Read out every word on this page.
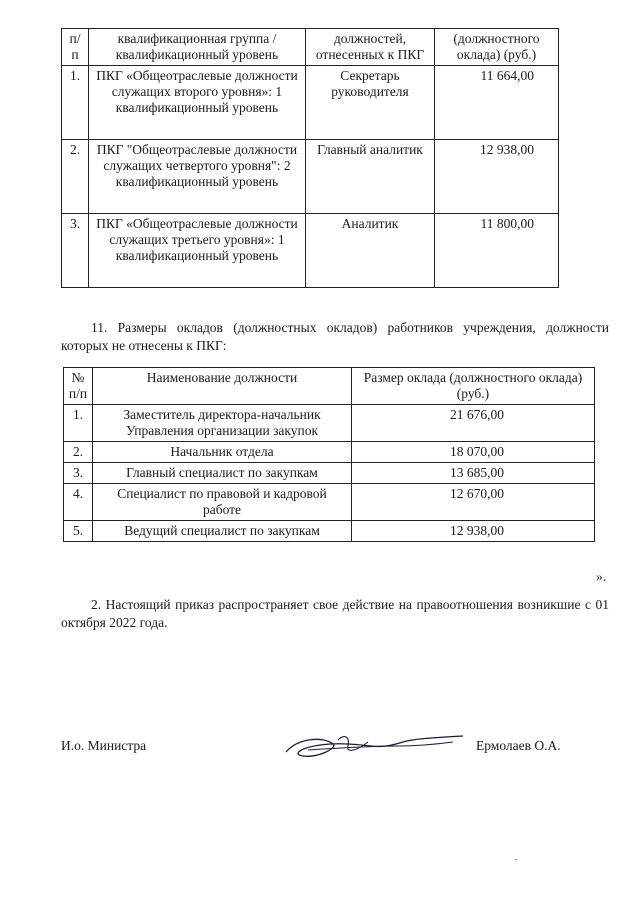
п/п	квалификационная группа / квалификационный уровень	должностей, отнесенных к ПКГ	(должностного оклада) (руб.)
1.	ПКГ «Общеотраслевые должности служащих второго уровня»: 1 квалификационный уровень	Секретарь руководителя	11 664,00
2.	ПКГ "Общеотраслевые должности служащих четвертого уровня": 2 квалификационный уровень	Главный аналитик	12 938,00
3.	ПКГ «Общеотраслевые должности служащих третьего уровня»: 1 квалификационный уровень	Аналитик	11 800,00
11. Размеры окладов (должностных окладов) работников учреждения, должности которых не отнесены к ПКГ:
№ п/п	Наименование должности	Размер оклада (должностного оклада) (руб.)
1.	Заместитель директора-начальник Управления организации закупок	21 676,00
2.	Начальник отдела	18 070,00
3.	Главный специалист по закупкам	13 685,00
4.	Специалист по правовой и кадровой работе	12 670,00
5.	Ведущий специалист по закупкам	12 938,00
».
2. Настоящий приказ распространяет свое действие на правоотношения возникшие с 01 октября 2022 года.
И.о. Министра	Ермолаев О.А.
